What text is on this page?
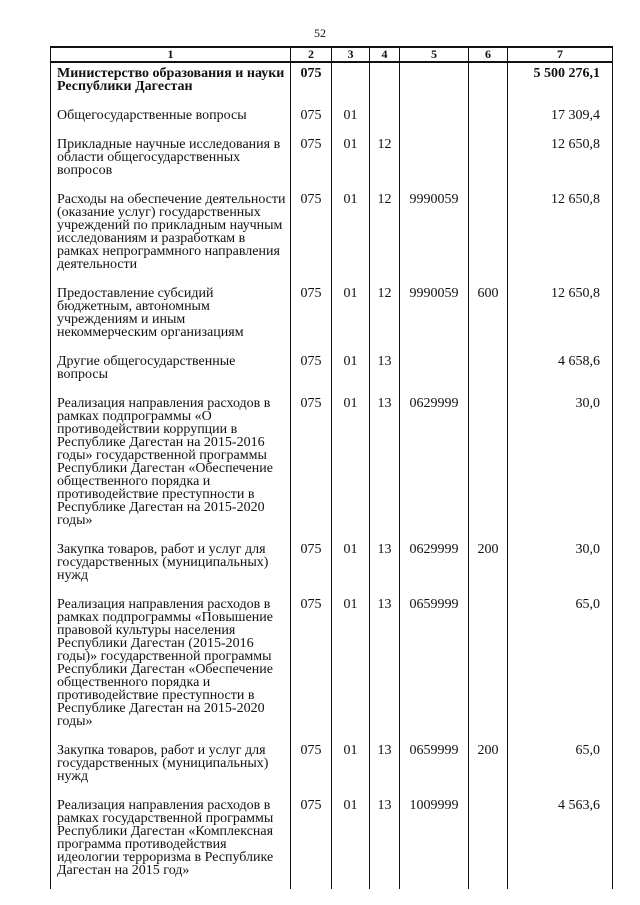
52
1	2	3	4	5	6	7
Министерство образования и науки Республики Дагестан	075					5 500 276,1
Общегосударственные вопросы	075	01				17 309,4
Прикладные научные исследования в области общегосударственных вопросов	075	01	12			12 650,8
Расходы на обеспечение деятельности (оказание услуг) государственных учреждений по прикладным научным исследованиям и разработкам в рамках непрограммного направления деятельности	075	01	12	9990059		12 650,8
Предоставление субсидий бюджетным, автономным учреждениям и иным некоммерческим организациям	075	01	12	9990059	600	12 650,8
Другие общегосударственные вопросы	075	01	13			4 658,6
Реализация направления расходов в рамках подпрограммы «О противодействии коррупции в Республике Дагестан на 2015-2016 годы» государственной программы Республики Дагестан «Обеспечение общественного порядка и противодействие преступности в Республике Дагестан на 2015-2020 годы»	075	01	13	0629999		30,0
Закупка товаров, работ и услуг для государственных (муниципальных) нужд	075	01	13	0629999	200	30,0
Реализация направления расходов в рамках подпрограммы «Повышение правовой культуры населения Республики Дагестан (2015-2016 годы)» государственной программы Республики Дагестан «Обеспечение общественного порядка и противодействие преступности в Республике Дагестан на 2015-2020 годы»	075	01	13	0659999		65,0
Закупка товаров, работ и услуг для государственных (муниципальных) нужд	075	01	13	0659999	200	65,0
Реализация направления расходов в рамках государственной программы Республики Дагестан «Комплексная программа противодействия идеологии терроризма в Республике Дагестан на 2015 год»	075	01	13	1009999		4 563,6
